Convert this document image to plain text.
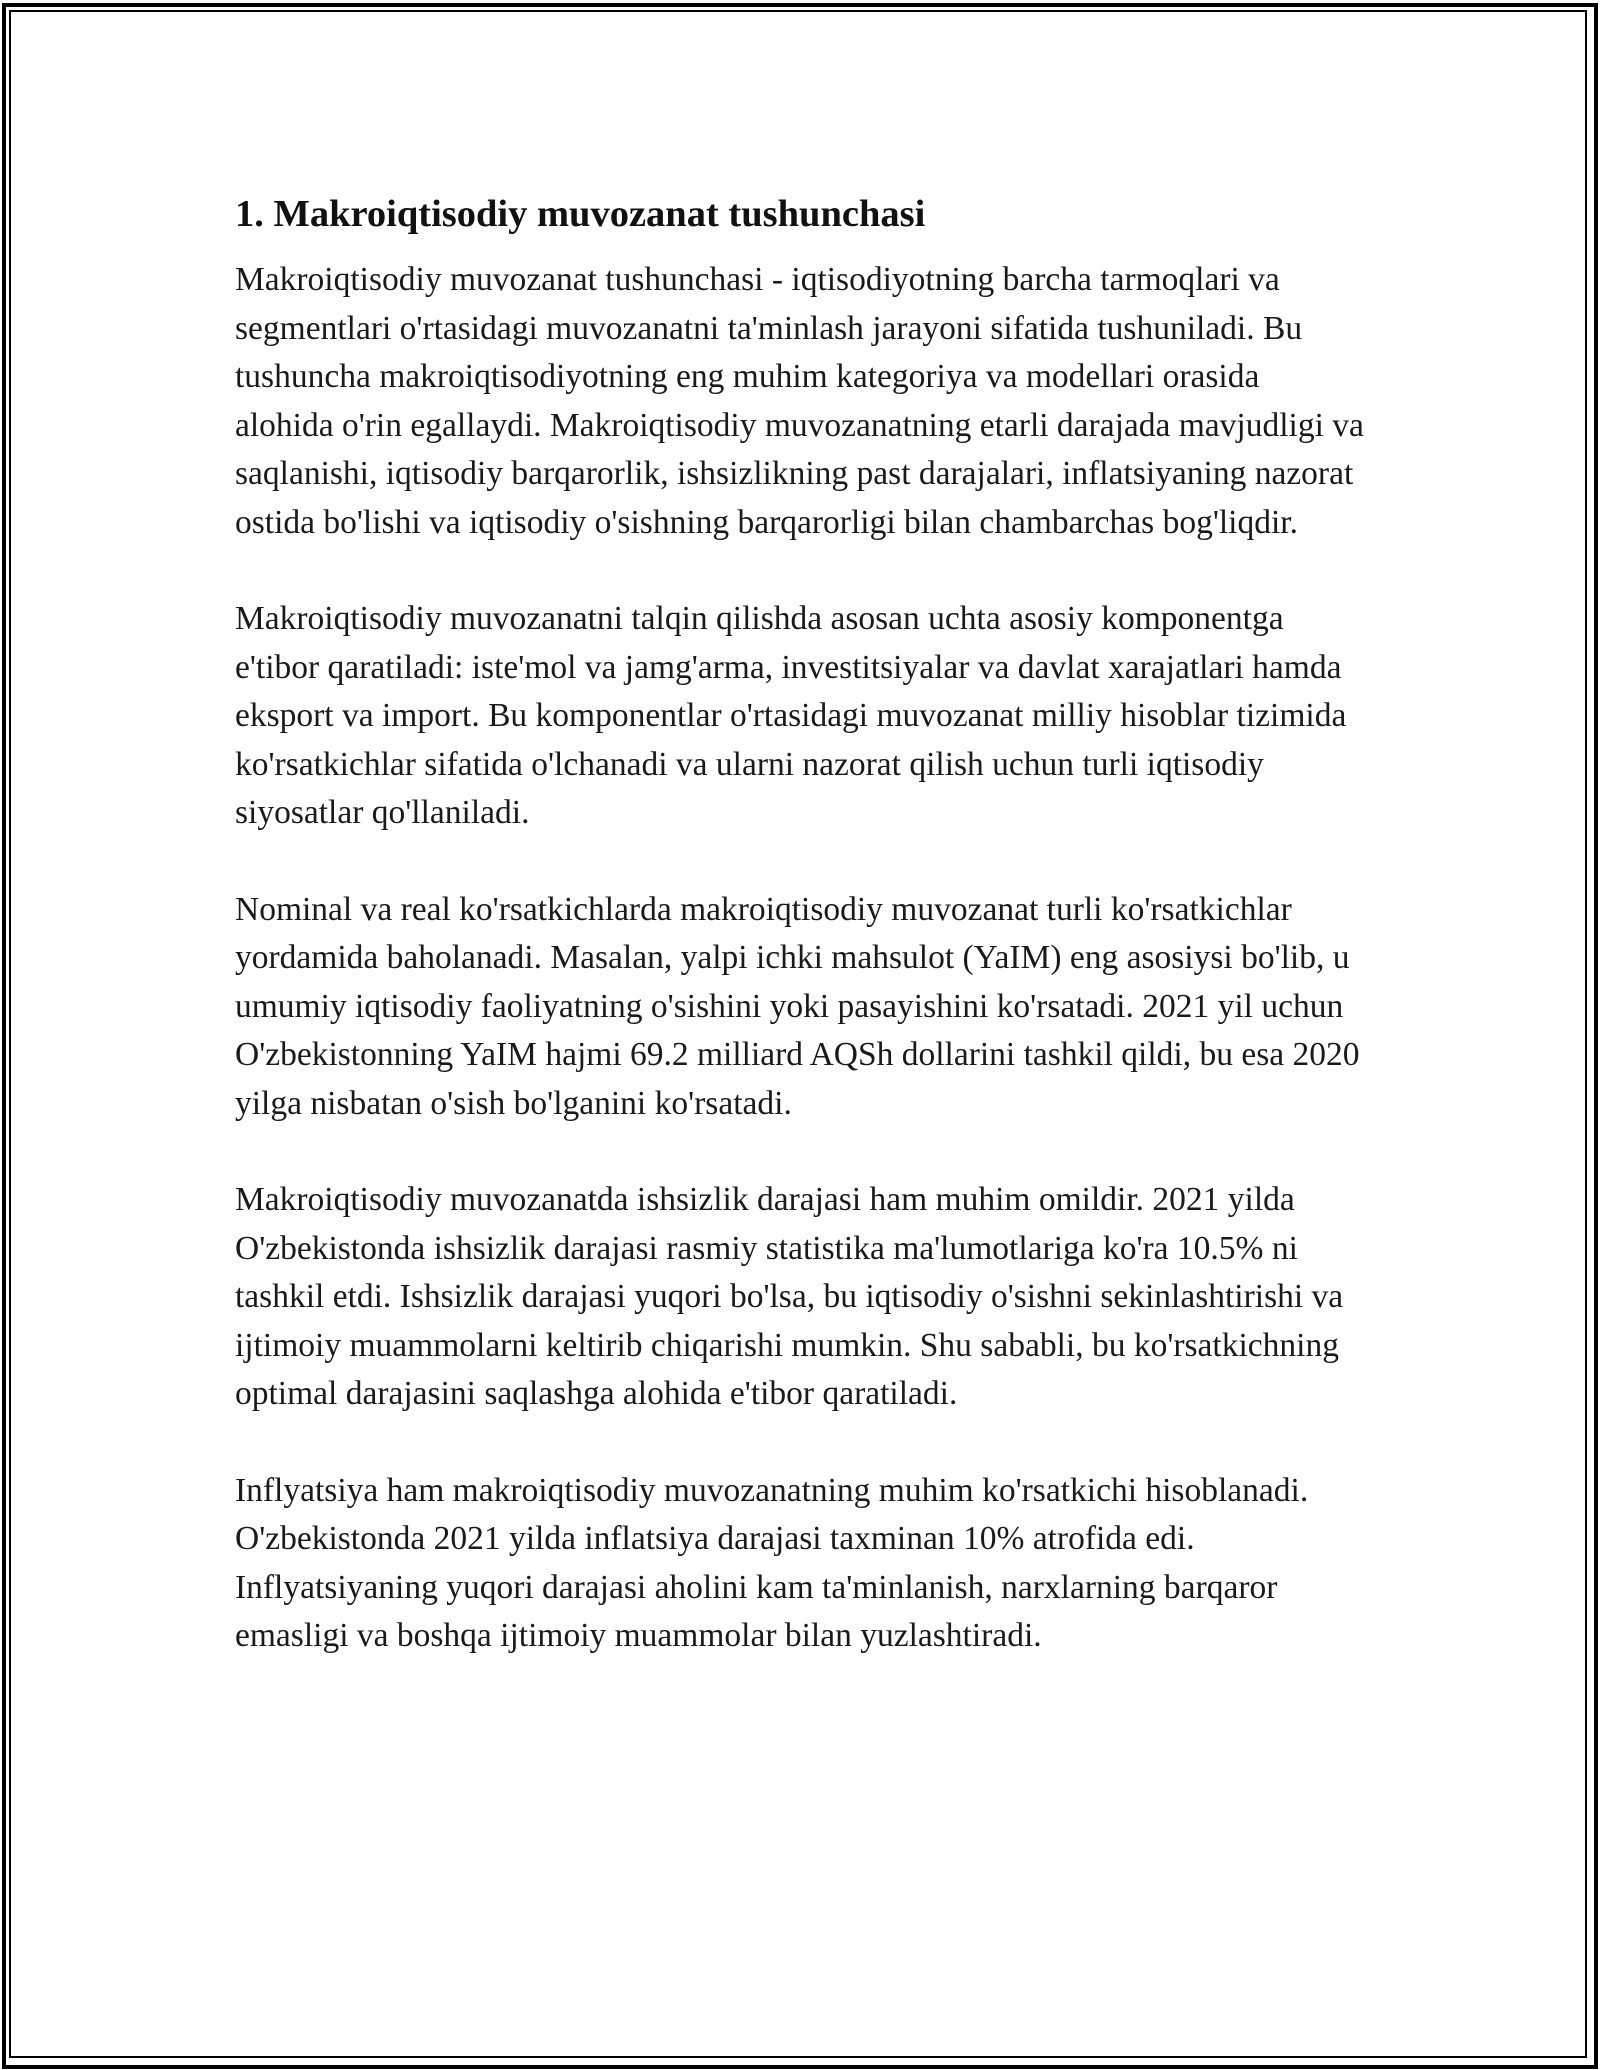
1. Makroiqtisodiy muvozanat tushunchasi

Makroiqtisodiy muvozanat tushunchasi - iqtisodiyotning barcha tarmoqlari va segmentlari o'rtasidagi muvozanatni ta'minlash jarayoni sifatida tushuniladi. Bu tushuncha makroiqtisodiyotning eng muhim kategoriya va modellari orasida alohida o'rin egallaydi. Makroiqtisodiy muvozanatning etarli darajada mavjudligi va saqlanishi, iqtisodiy barqarorlik, ishsizlikning past darajalari, inflatsiyaning nazorat ostida bo'lishi va iqtisodiy o'sishning barqarorligi bilan chambarchas bog'liqdir.

Makroiqtisodiy muvozanatni talqin qilishda asosan uchta asosiy komponentga e'tibor qaratiladi: iste'mol va jamg'arma, investitsiyalar va davlat xarajatlari hamda eksport va import. Bu komponentlar o'rtasidagi muvozanat milliy hisoblar tizimida ko'rsatkichlar sifatida o'lchanadi va ularni nazorat qilish uchun turli iqtisodiy siyosatlar qo'llaniladi.

Nominal va real ko'rsatkichlarda makroiqtisodiy muvozanat turli ko'rsatkichlar yordamida baholanadi. Masalan, yalpi ichki mahsulot (YaIM) eng asosiysi bo'lib, u umumiy iqtisodiy faoliyatning o'sishini yoki pasayishini ko'rsatadi. 2021 yil uchun O'zbekistonning YaIM hajmi 69.2 milliard AQSh dollarini tashkil qildi, bu esa 2020 yilga nisbatan o'sish bo'lganini ko'rsatadi.

Makroiqtisodiy muvozanatda ishsizlik darajasi ham muhim omildir. 2021 yilda O'zbekistonda ishsizlik darajasi rasmiy statistika ma'lumotlariga ko'ra 10.5% ni tashkil etdi. Ishsizlik darajasi yuqori bo'lsa, bu iqtisodiy o'sishni sekinlashtirishi va ijtimoiy muammolarni keltirib chiqarishi mumkin. Shu sababli, bu ko'rsatkichning optimal darajasini saqlashga alohida e'tibor qaratiladi.

Inflyatsiya ham makroiqtisodiy muvozanatning muhim ko'rsatkichi hisoblanadi. O'zbekistonda 2021 yilda inflatsiya darajasi taxminan 10% atrofida edi. Inflyatsiyaning yuqori darajasi aholini kam ta'minlanish, narxlarning barqaror emasligi va boshqa ijtimoiy muammolar bilan yuzlashtiradi.
